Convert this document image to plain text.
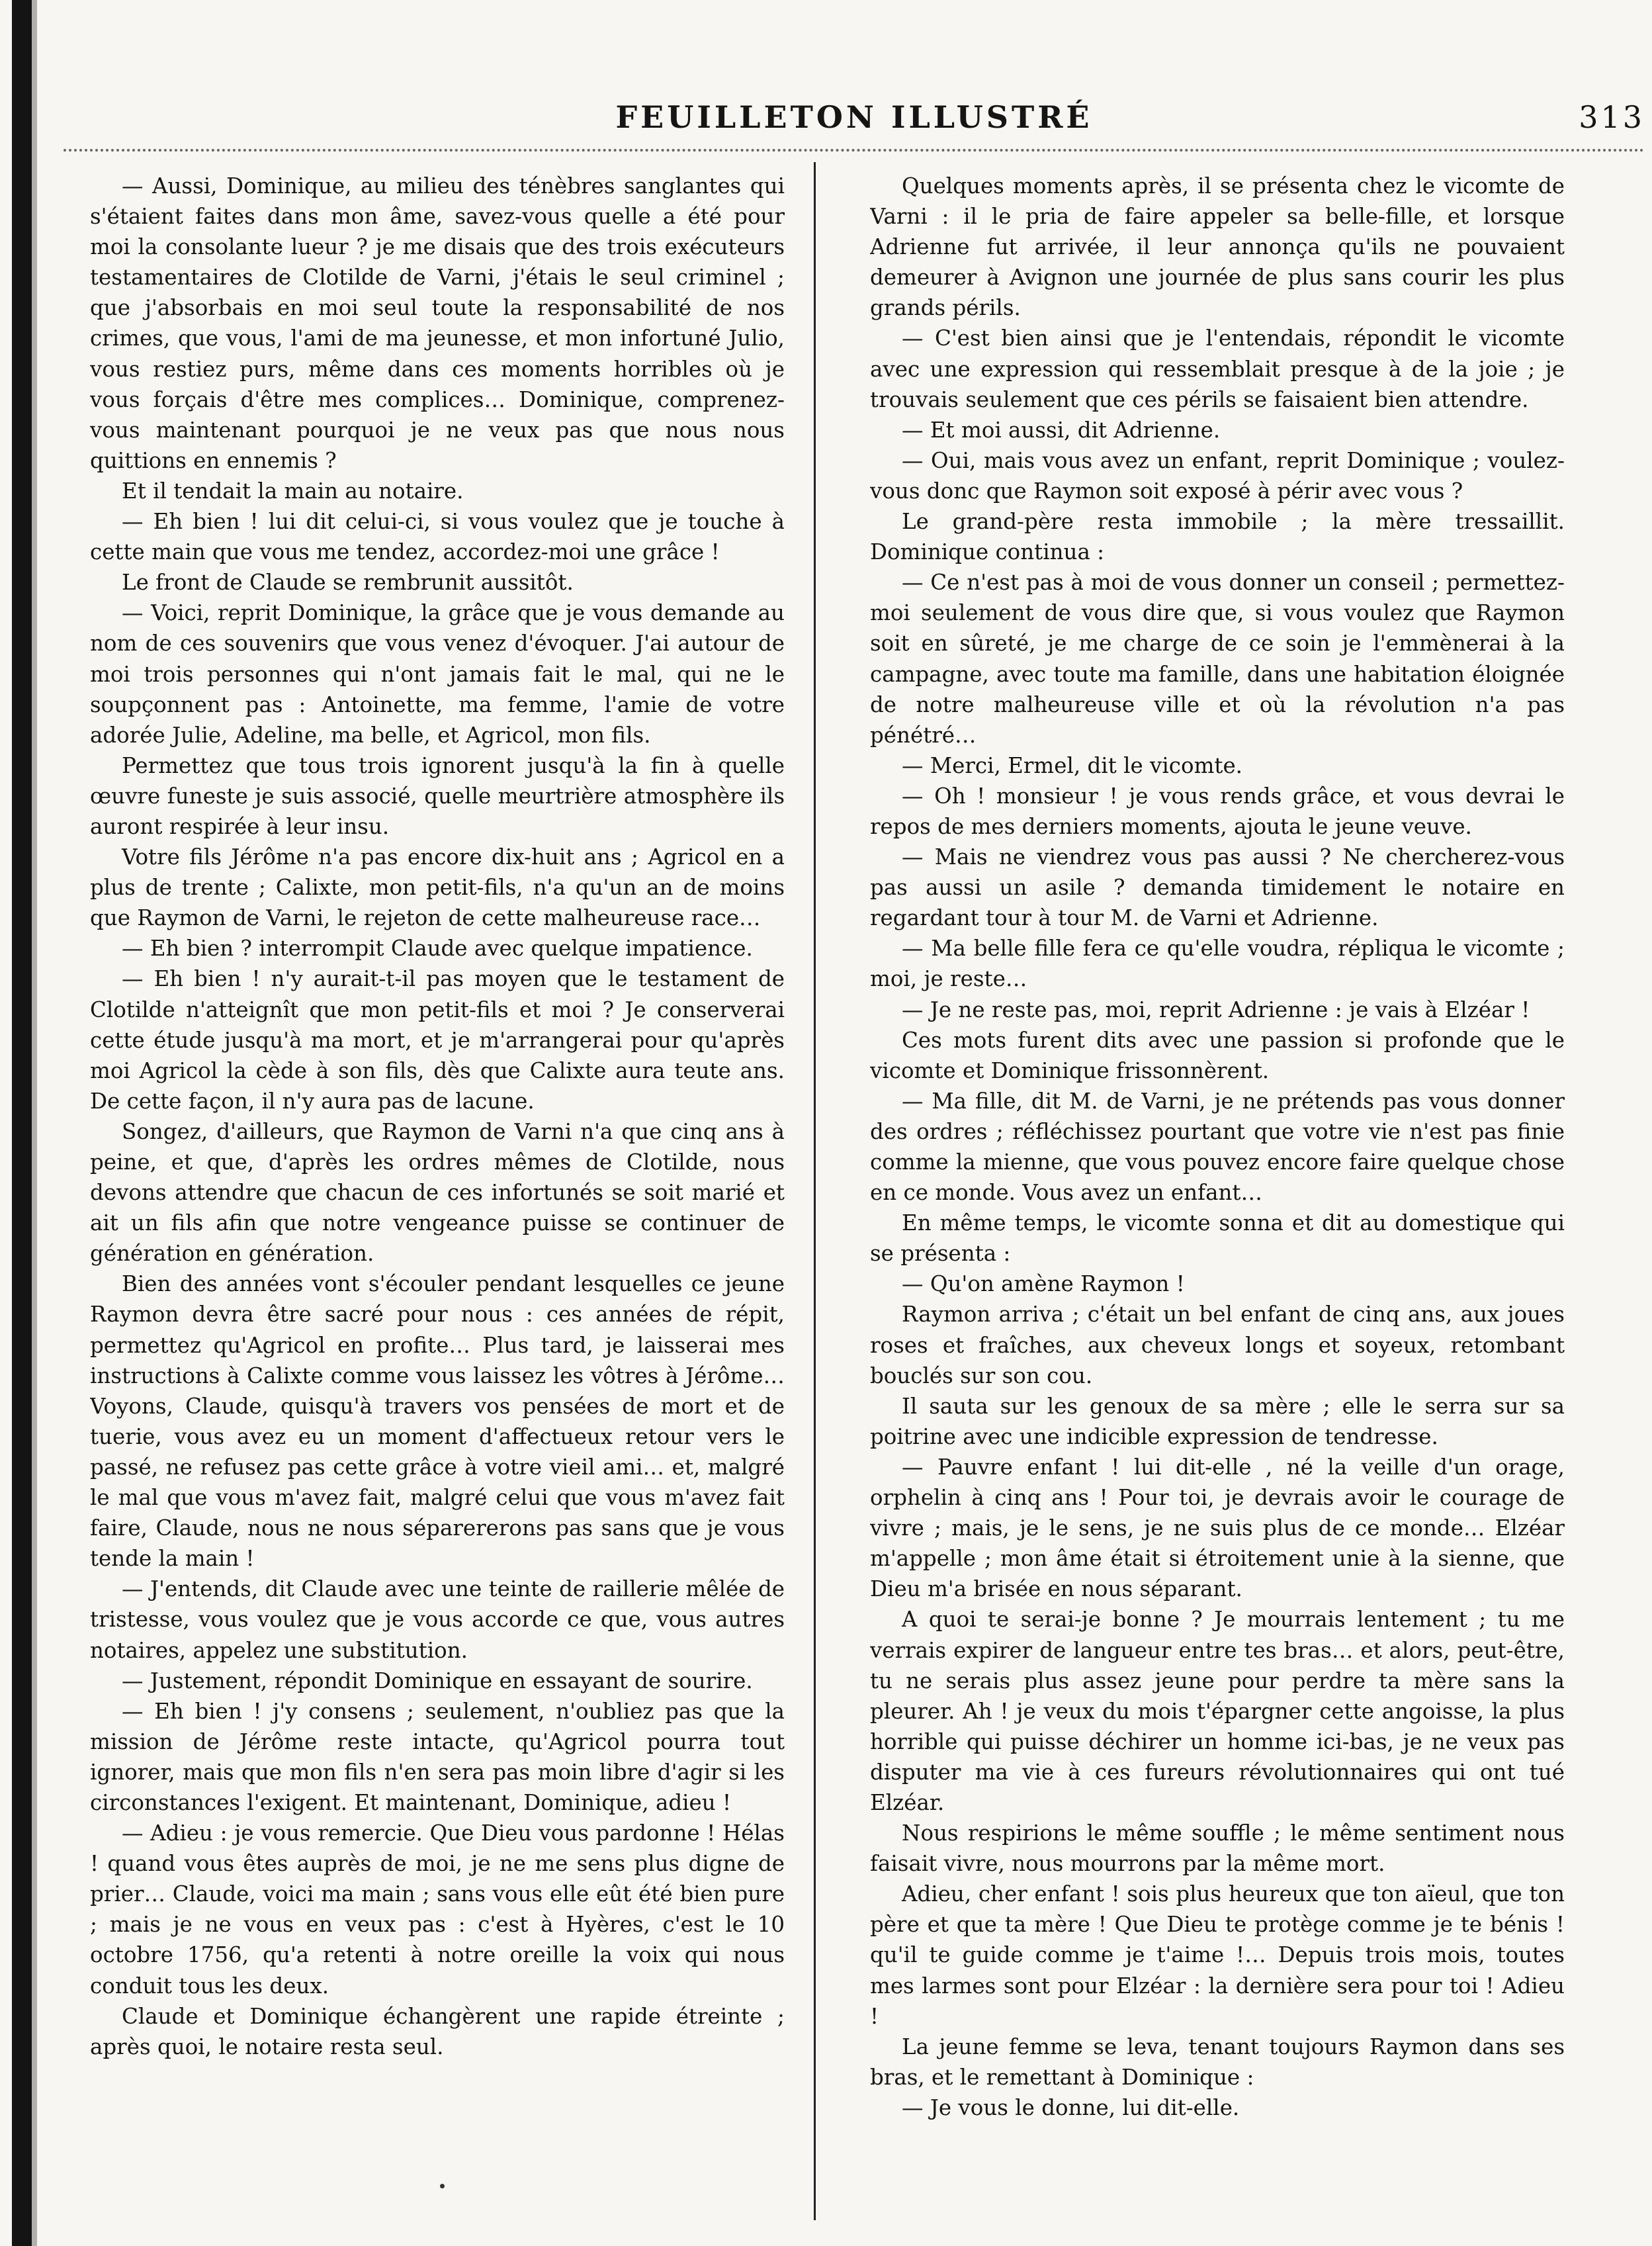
FEUILLETON ILLUSTRÉ	313

— Aussi, Dominique, au milieu des ténèbres sanglantes qui s'étaient faites dans mon âme, savez-vous quelle a été pour moi la consolante lueur ? je me disais que des trois exécuteurs testamentaires de Clotilde de Varni, j'étais le seul criminel ; que j'absorbais en moi seul toute la responsabilité de nos crimes, que vous, l'ami de ma jeunesse, et mon infortuné Julio, vous restiez purs, même dans ces moments horribles où je vous forçais d'être mes complices… Dominique, comprenez-vous maintenant pourquoi je ne veux pas que nous nous quittions en ennemis ?

Et il tendait la main au notaire.

— Eh bien ! lui dit celui-ci, si vous voulez que je touche à cette main que vous me tendez, accordez-moi une grâce !

Le front de Claude se rembrunit aussitôt.

— Voici, reprit Dominique, la grâce que je vous demande au nom de ces souvenirs que vous venez d'évoquer. J'ai autour de moi trois personnes qui n'ont jamais fait le mal, qui ne le soupçonnent pas : Antoinette, ma femme, l'amie de votre adorée Julie, Adeline, ma belle, et Agricol, mon fils.

Permettez que tous trois ignorent jusqu'à la fin à quelle œuvre funeste je suis associé, quelle meurtrière atmosphère ils auront respirée à leur insu.

Votre fils Jérôme n'a pas encore dix-huit ans ; Agricol en a plus de trente ; Calixte, mon petit-fils, n'a qu'un an de moins que Raymon de Varni, le rejeton de cette malheureuse race…

— Eh bien ? interrompit Claude avec quelque impatience.

— Eh bien ! n'y aurait-t-il pas moyen que le testament de Clotilde n'atteignît que mon petit-fils et moi ? Je conserverai cette étude jusqu'à ma mort, et je m'arrangerai pour qu'après moi Agricol la cède à son fils, dès que Calixte aura teute ans. De cette façon, il n'y aura pas de lacune.

Songez, d'ailleurs, que Raymon de Varni n'a que cinq ans à peine, et que, d'après les ordres mêmes de Clotilde, nous devons attendre que chacun de ces infortunés se soit marié et ait un fils afin que notre vengeance puisse se continuer de génération en génération.

Bien des années vont s'écouler pendant lesquelles ce jeune Raymon devra être sacré pour nous : ces années de répit, permettez qu'Agricol en profite… Plus tard, je laisserai mes instructions à Calixte comme vous laissez les vôtres à Jérôme… Voyons, Claude, quisqu'à travers vos pensées de mort et de tuerie, vous avez eu un moment d'affectueux retour vers le passé, ne refusez pas cette grâce à votre vieil ami… et, malgré le mal que vous m'avez fait, malgré celui que vous m'avez fait faire, Claude, nous ne nous séparererons pas sans que je vous tende la main !

— J'entends, dit Claude avec une teinte de raillerie mêlée de tristesse, vous voulez que je vous accorde ce que, vous autres notaires, appelez une substitution.

— Justement, répondit Dominique en essayant de sourire.

— Eh bien ! j'y consens ; seulement, n'oubliez pas que la mission de Jérôme reste intacte, qu'Agricol pourra tout ignorer, mais que mon fils n'en sera pas moin libre d'agir si les circonstances l'exigent. Et maintenant, Dominique, adieu !

— Adieu : je vous remercie. Que Dieu vous pardonne ! Hélas ! quand vous êtes auprès de moi, je ne me sens plus digne de prier… Claude, voici ma main ; sans vous elle eût été bien pure ; mais je ne vous en veux pas : c'est à Hyères, c'est le 10 octobre 1756, qu'a retenti à notre oreille la voix qui nous conduit tous les deux.

Claude et Dominique échangèrent une rapide étreinte ; après quoi, le notaire resta seul.

Quelques moments après, il se présenta chez le vicomte de Varni : il le pria de faire appeler sa belle-fille, et lorsque Adrienne fut arrivée, il leur annonça qu'ils ne pouvaient demeurer à Avignon une journée de plus sans courir les plus grands périls.

— C'est bien ainsi que je l'entendais, répondit le vicomte avec une expression qui ressemblait presque à de la joie ; je trouvais seulement que ces périls se faisaient bien attendre.

— Et moi aussi, dit Adrienne.

— Oui, mais vous avez un enfant, reprit Dominique ; voulez-vous donc que Raymon soit exposé à périr avec vous ?

Le grand-père resta immobile ; la mère tressaillit. Dominique continua :

— Ce n'est pas à moi de vous donner un conseil ; permettez-moi seulement de vous dire que, si vous voulez que Raymon soit en sûreté, je me charge de ce soin je l'emmènerai à la campagne, avec toute ma famille, dans une habitation éloignée de notre malheureuse ville et où la révolution n'a pas pénétré…

— Merci, Ermel, dit le vicomte.

— Oh ! monsieur ! je vous rends grâce, et vous devrai le repos de mes derniers moments, ajouta le jeune veuve.

— Mais ne viendrez vous pas aussi ? Ne chercherez-vous pas aussi un asile ? demanda timidement le notaire en regardant tour à tour M. de Varni et Adrienne.

— Ma belle fille fera ce qu'elle voudra, répliqua le vicomte ; moi, je reste…

— Je ne reste pas, moi, reprit Adrienne : je vais à Elzéar !

Ces mots furent dits avec une passion si profonde que le vicomte et Dominique frissonnèrent.

— Ma fille, dit M. de Varni, je ne prétends pas vous donner des ordres ; réfléchissez pourtant que votre vie n'est pas finie comme la mienne, que vous pouvez encore faire quelque chose en ce monde. Vous avez un enfant…

En même temps, le vicomte sonna et dit au domestique qui se présenta :

— Qu'on amène Raymon !

Raymon arriva ; c'était un bel enfant de cinq ans, aux joues roses et fraîches, aux cheveux longs et soyeux, retombant bouclés sur son cou.

Il sauta sur les genoux de sa mère ; elle le serra sur sa poitrine avec une indicible expression de tendresse.

— Pauvre enfant ! lui dit-elle , né la veille d'un orage, orphelin à cinq ans ! Pour toi, je devrais avoir le courage de vivre ; mais, je le sens, je ne suis plus de ce monde… Elzéar m'appelle ; mon âme était si étroitement unie à la sienne, que Dieu m'a brisée en nous séparant.

A quoi te serai-je bonne ? Je mourrais lentement ; tu me verrais expirer de langueur entre tes bras… et alors, peut-être, tu ne serais plus assez jeune pour perdre ta mère sans la pleurer. Ah ! je veux du mois t'épargner cette angoisse, la plus horrible qui puisse déchirer un homme ici-bas, je ne veux pas disputer ma vie à ces fureurs révolutionnaires qui ont tué Elzéar.

Nous respirions le même souffle ; le même sentiment nous faisait vivre, nous mourrons par la même mort.

Adieu, cher enfant ! sois plus heureux que ton aïeul, que ton père et que ta mère ! Que Dieu te protège comme je te bénis ! qu'il te guide comme je t'aime !… Depuis trois mois, toutes mes larmes sont pour Elzéar : la dernière sera pour toi ! Adieu !

La jeune femme se leva, tenant toujours Raymon dans ses bras, et le remettant à Dominique :

— Je vous le donne, lui dit-elle.
